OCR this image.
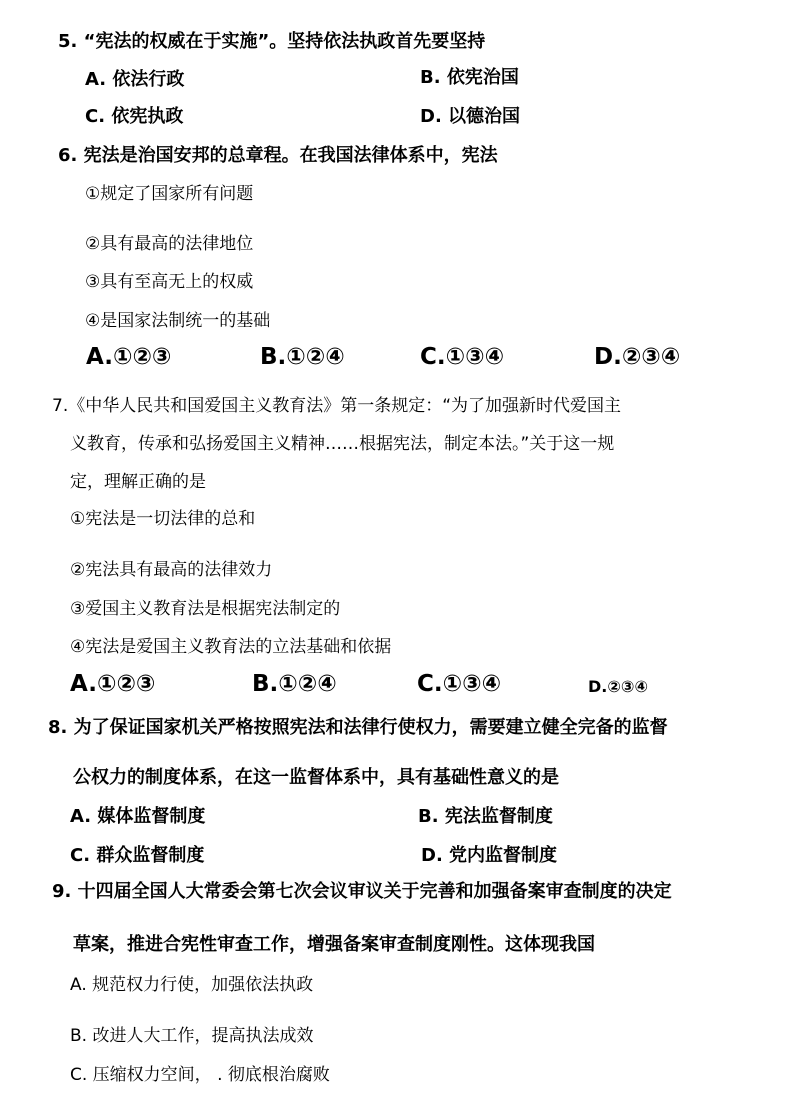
5. “宪法的权威在于实施”。坚持依法执政首先要坚持
A. 依法行政	B. 依宪治国
C. 依宪执政	D. 以德治国
6. 宪法是治国安邦的总章程。在我国法律体系中，宪法
①规定了国家所有问题
②具有最高的法律地位
③具有至高无上的权威
④是国家法制统一的基础
A.①②③	B.①②④	C.①③④	D.②③④
7.《中华人民共和国爱国主义教育法》第一条规定：“为了加强新时代爱国主
义教育，传承和弘扬爱国主义精神……根据宪法，制定本法。”关于这一规
定，理解正确的是
①宪法是一切法律的总和
②宪法具有最高的法律效力
③爱国主义教育法是根据宪法制定的
④宪法是爱国主义教育法的立法基础和依据
A.①②③	B.①②④	C.①③④	D.②③④
8. 为了保证国家机关严格按照宪法和法律行使权力，需要建立健全完备的监督
公权力的制度体系，在这一监督体系中，具有基础性意义的是
A. 媒体监督制度	B. 宪法监督制度
C. 群众监督制度	D. 党内监督制度
9. 十四届全国人大常委会第七次会议审议关于完善和加强备案审查制度的决定
草案，推进合宪性审查工作，增强备案审查制度刚性。这体现我国
A. 规范权力行使，加强依法执政
B. 改进人大工作，提高执法成效
C. 压缩权力空间， . 彻底根治腐败
